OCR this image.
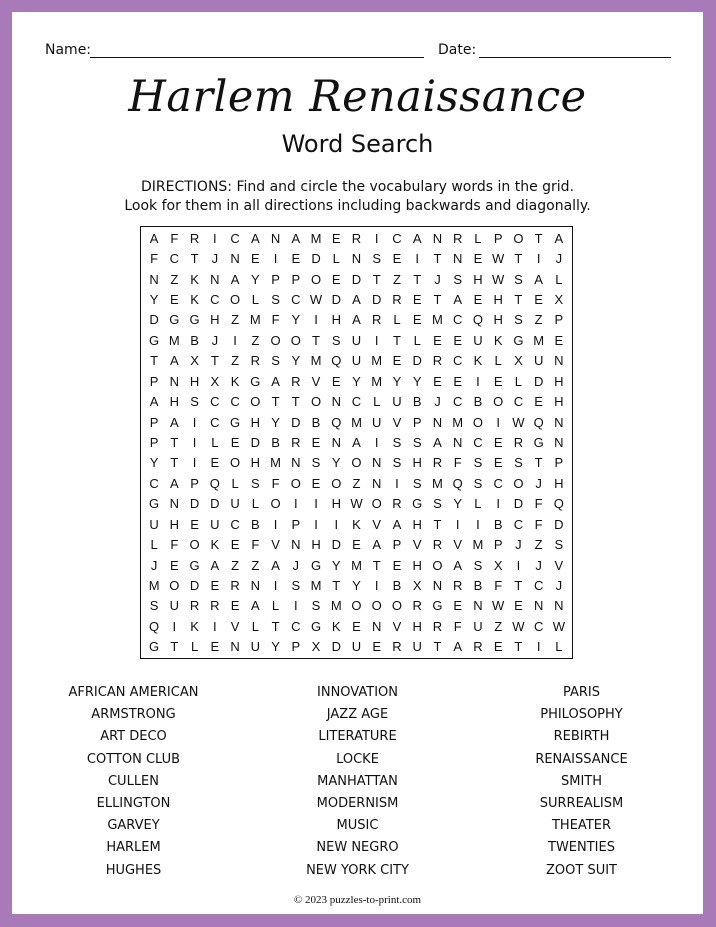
Name:	Date:
Harlem Renaissance
Word Search
DIRECTIONS: Find and circle the vocabulary words in the grid.
Look for them in all directions including backwards and diagonally.
A F R	I	C A N A M E R	I	C A N R L P O T A
F C T	J N E	I	E D L N S E	I	T N E W T	I	J
N Z K N A Y P P O E D T Z T	J S H W S A L
Y E K C O L S C W D A D R E T A E H T E X
D G G H Z M F Y	I	H A R L E M C Q H S Z P
G M B J	I	Z O O T S U	I	T L E E U K G M E
T A X T Z R S Y M Q U M E D R C K L X U N
P N H X K G A R V E Y M Y Y E E	I	E L D H
A H S C C O T T O N C L U B J C B O C E H
P A	I	C G H Y D B Q M U V P N M O	I W Q N
P T	I	L E D B R E N A	I	S S A N C E R G N
Y T	I	E O H M N S Y O N S H R F S E S T P
C A P Q L S F O E O Z N	I	S M Q S C O J H
G N D D U L O	I	I	H W O R G S Y L	I	D F Q
U H E U C B	I	P	I	I	K V A H T	I	I	B C F D
L F O K E F V N H D E A P V R V M P J	Z S
J E G A Z Z A J G Y M T E H O A S X	I	J V
M O D E R N	I	S M T Y	I	B X N R B F T C J
S U R R E A L	I	S M O O O R G E N W E N N
Q	I	K	I	V L T C G K E N V H R F U Z W C W
G T L E N U Y P X D U E R U T A R E T	I	L
AFRICAN AMERICAN
ARMSTRONG
ART DECO
COTTON CLUB
CULLEN
ELLINGTON
GARVEY
HARLEM
HUGHES
INNOVATION
JAZZ AGE
LITERATURE
LOCKE
MANHATTAN
MODERNISM
MUSIC
NEW NEGRO
NEW YORK CITY
PARIS
PHILOSOPHY
REBIRTH
RENAISSANCE
SMITH
SURREALISM
THEATER
TWENTIES
ZOOT SUIT
© 2023 puzzles-to-print.com
